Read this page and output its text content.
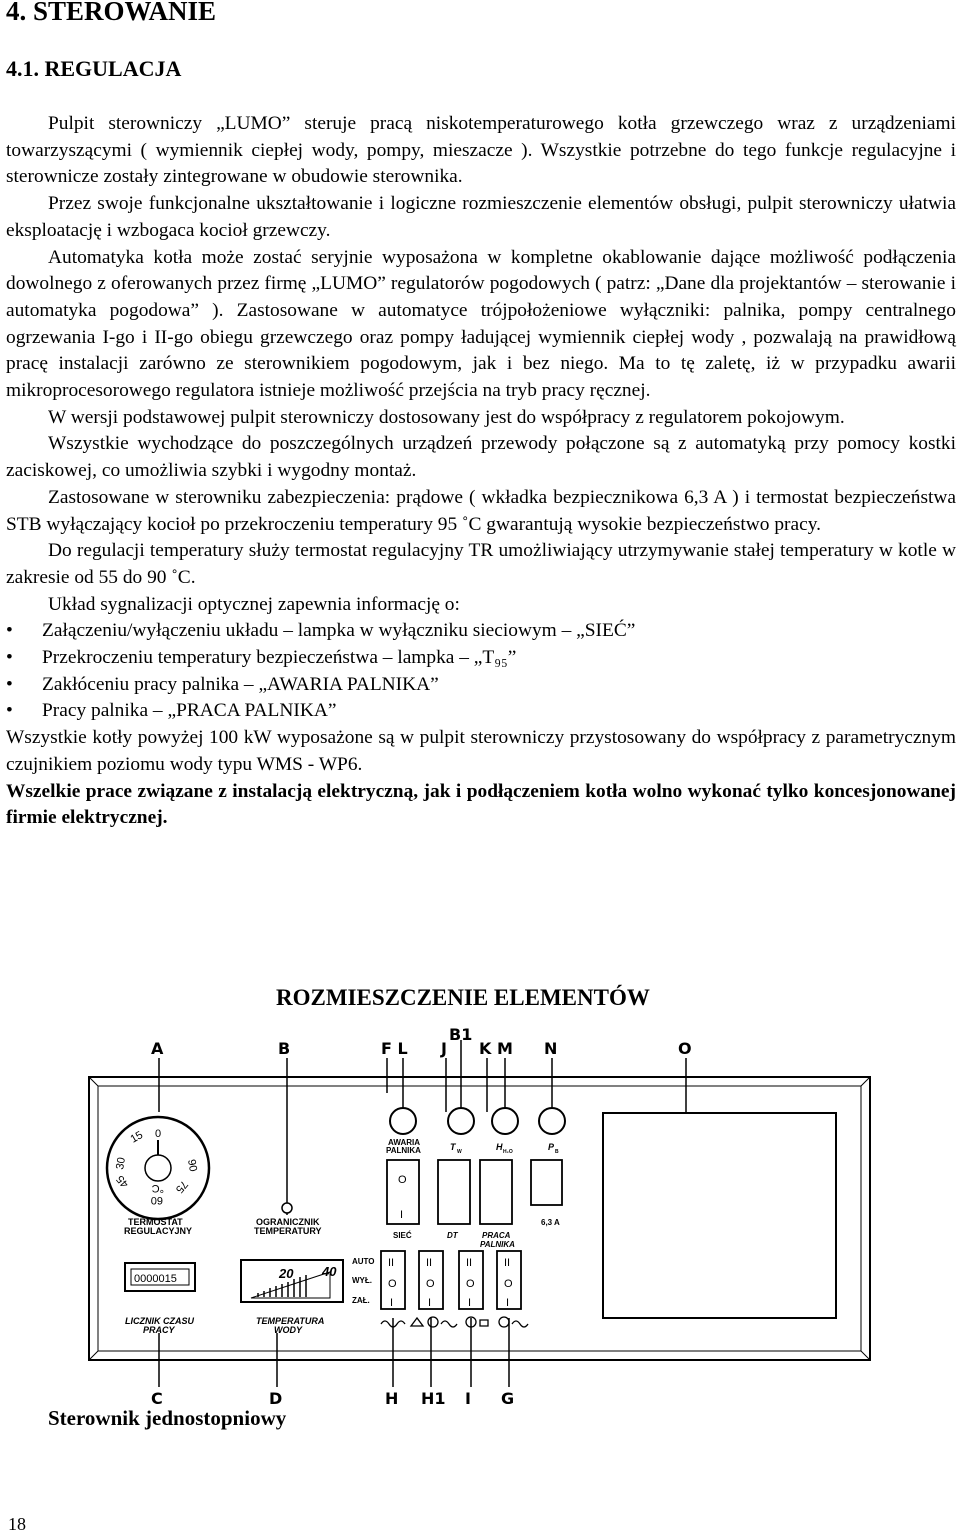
4. STEROWANIE
4.1. REGULACJA

Pulpit sterowniczy „LUMO” steruje pracą niskotemperaturowego kotła grzewczego wraz z urządzeniami towarzyszącymi ( wymiennik ciepłej wody, pompy, mieszacze ). Wszystkie potrzebne do tego funkcje regulacyjne i sterownicze zostały zintegrowane w obudowie sterownika.

Przez swoje funkcjonalne ukształtowanie i logiczne rozmieszczenie elementów obsługi, pulpit sterowniczy ułatwia eksploatację i wzbogaca kocioł grzewczy.

Automatyka kotła może zostać seryjnie wyposażona w kompletne okablowanie dające możliwość podłączenia dowolnego z oferowanych przez firmę „LUMO” regulatorów pogodowych ( patrz: „Dane dla projektantów – sterowanie i automatyka pogodowa” ). Zastosowane w automatyce trójpołożeniowe wyłączniki: palnika, pompy centralnego ogrzewania I-go i II-go obiegu grzewczego oraz pompy ładującej wymiennik ciepłej wody , pozwalają na prawidłową pracę instalacji zarówno ze sterownikiem pogodowym, jak i bez niego. Ma to tę zaletę, iż w przypadku awarii mikroprocesorowego regulatora istnieje możliwość przejścia na tryb pracy ręcznej.

W wersji podstawowej pulpit sterowniczy dostosowany jest do współpracy z regulatorem pokojowym.

Wszystkie wychodzące do poszczególnych urządzeń przewody połączone są z automatyką przy pomocy kostki zaciskowej, co umożliwia szybki i wygodny montaż.

Zastosowane w sterowniku zabezpieczenia: prądowe ( wkładka bezpiecznikowa 6,3 A ) i termostat bezpieczeństwa STB wyłączający kocioł po przekroczeniu temperatury 95 ˚C gwarantują wysokie bezpieczeństwo pracy.

Do regulacji temperatury służy termostat regulacyjny TR umożliwiający utrzymywanie stałej temperatury w kotle w zakresie od 55 do 90 ˚C.

Układ sygnalizacji optycznej zapewnia informację o:

• Załączeniu/wyłączeniu układu – lampka w wyłączniku sieciowym – „SIEĆ”
• Przekroczeniu temperatury bezpieczeństwa – lampka – „T₉₅”
• Zakłóceniu pracy palnika – „AWARIA PALNIKA”
• Pracy palnika – „PRACA PALNIKA”

Wszystkie kotły powyżej 100 kW wyposażone są w pulpit sterowniczy przystosowany do współpracy z parametrycznym czujnikiem poziomu wody typu WMS - WP6.

Wszelkie prace związane z instalacją elektryczną, jak i podłączeniem kotła wolno wykonać tylko koncesjonowanej firmie elektrycznej.

ROZMIESZCZENIE ELEMENTÓW
A	B	F L
B1
J K M N	O
C	D	H H1 I G
0
15
30
45
60
75
90
°C
TERMOSTAT
REGULACYJNY
OGRANICZNIK
TEMPERATURY
0000015
LICZNIK CZASU
PRACY
20 40
TEMPERATURA
WODY
AWARIA
PALNIKA	T W	H H₂O	P B
O
I
SIEĆ	DT	PRACA
PALNIKA
6,3 A
AUTO
WYŁ.
ZAŁ.
II
O
I
II
O
I
II
O
I
II
O
I
Sterownik jednostopniowy
18
